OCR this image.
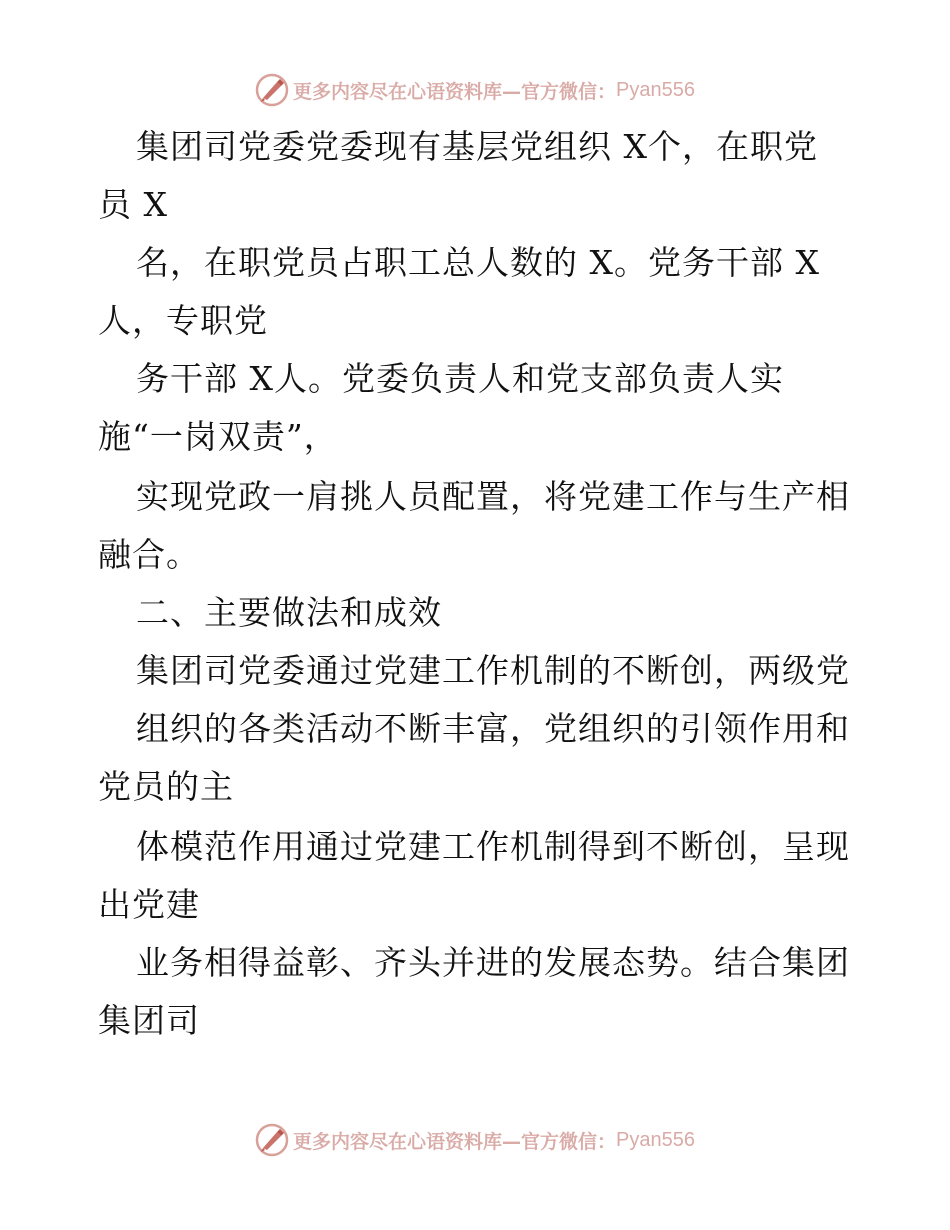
更多内容尽在心语资料库—官方微信： Pyan556
集团司党委党委现有基层党组织 X个，在职党
员 X
名，在职党员占职工总人数的 X。党务干部 X
人，专职党
务干部 X人。党委负责人和党支部负责人实
施“一岗双责”，
实现党政一肩挑人员配置，将党建工作与生产相
融合。
二、主要做法和成效
集团司党委通过党建工作机制的不断创，两级党
组织的各类活动不断丰富，党组织的引领作用和
党员的主
体模范作用通过党建工作机制得到不断创，呈现
出党建
业务相得益彰、齐头并进的发展态势。结合集团
集团司
更多内容尽在心语资料库—官方微信： Pyan556
